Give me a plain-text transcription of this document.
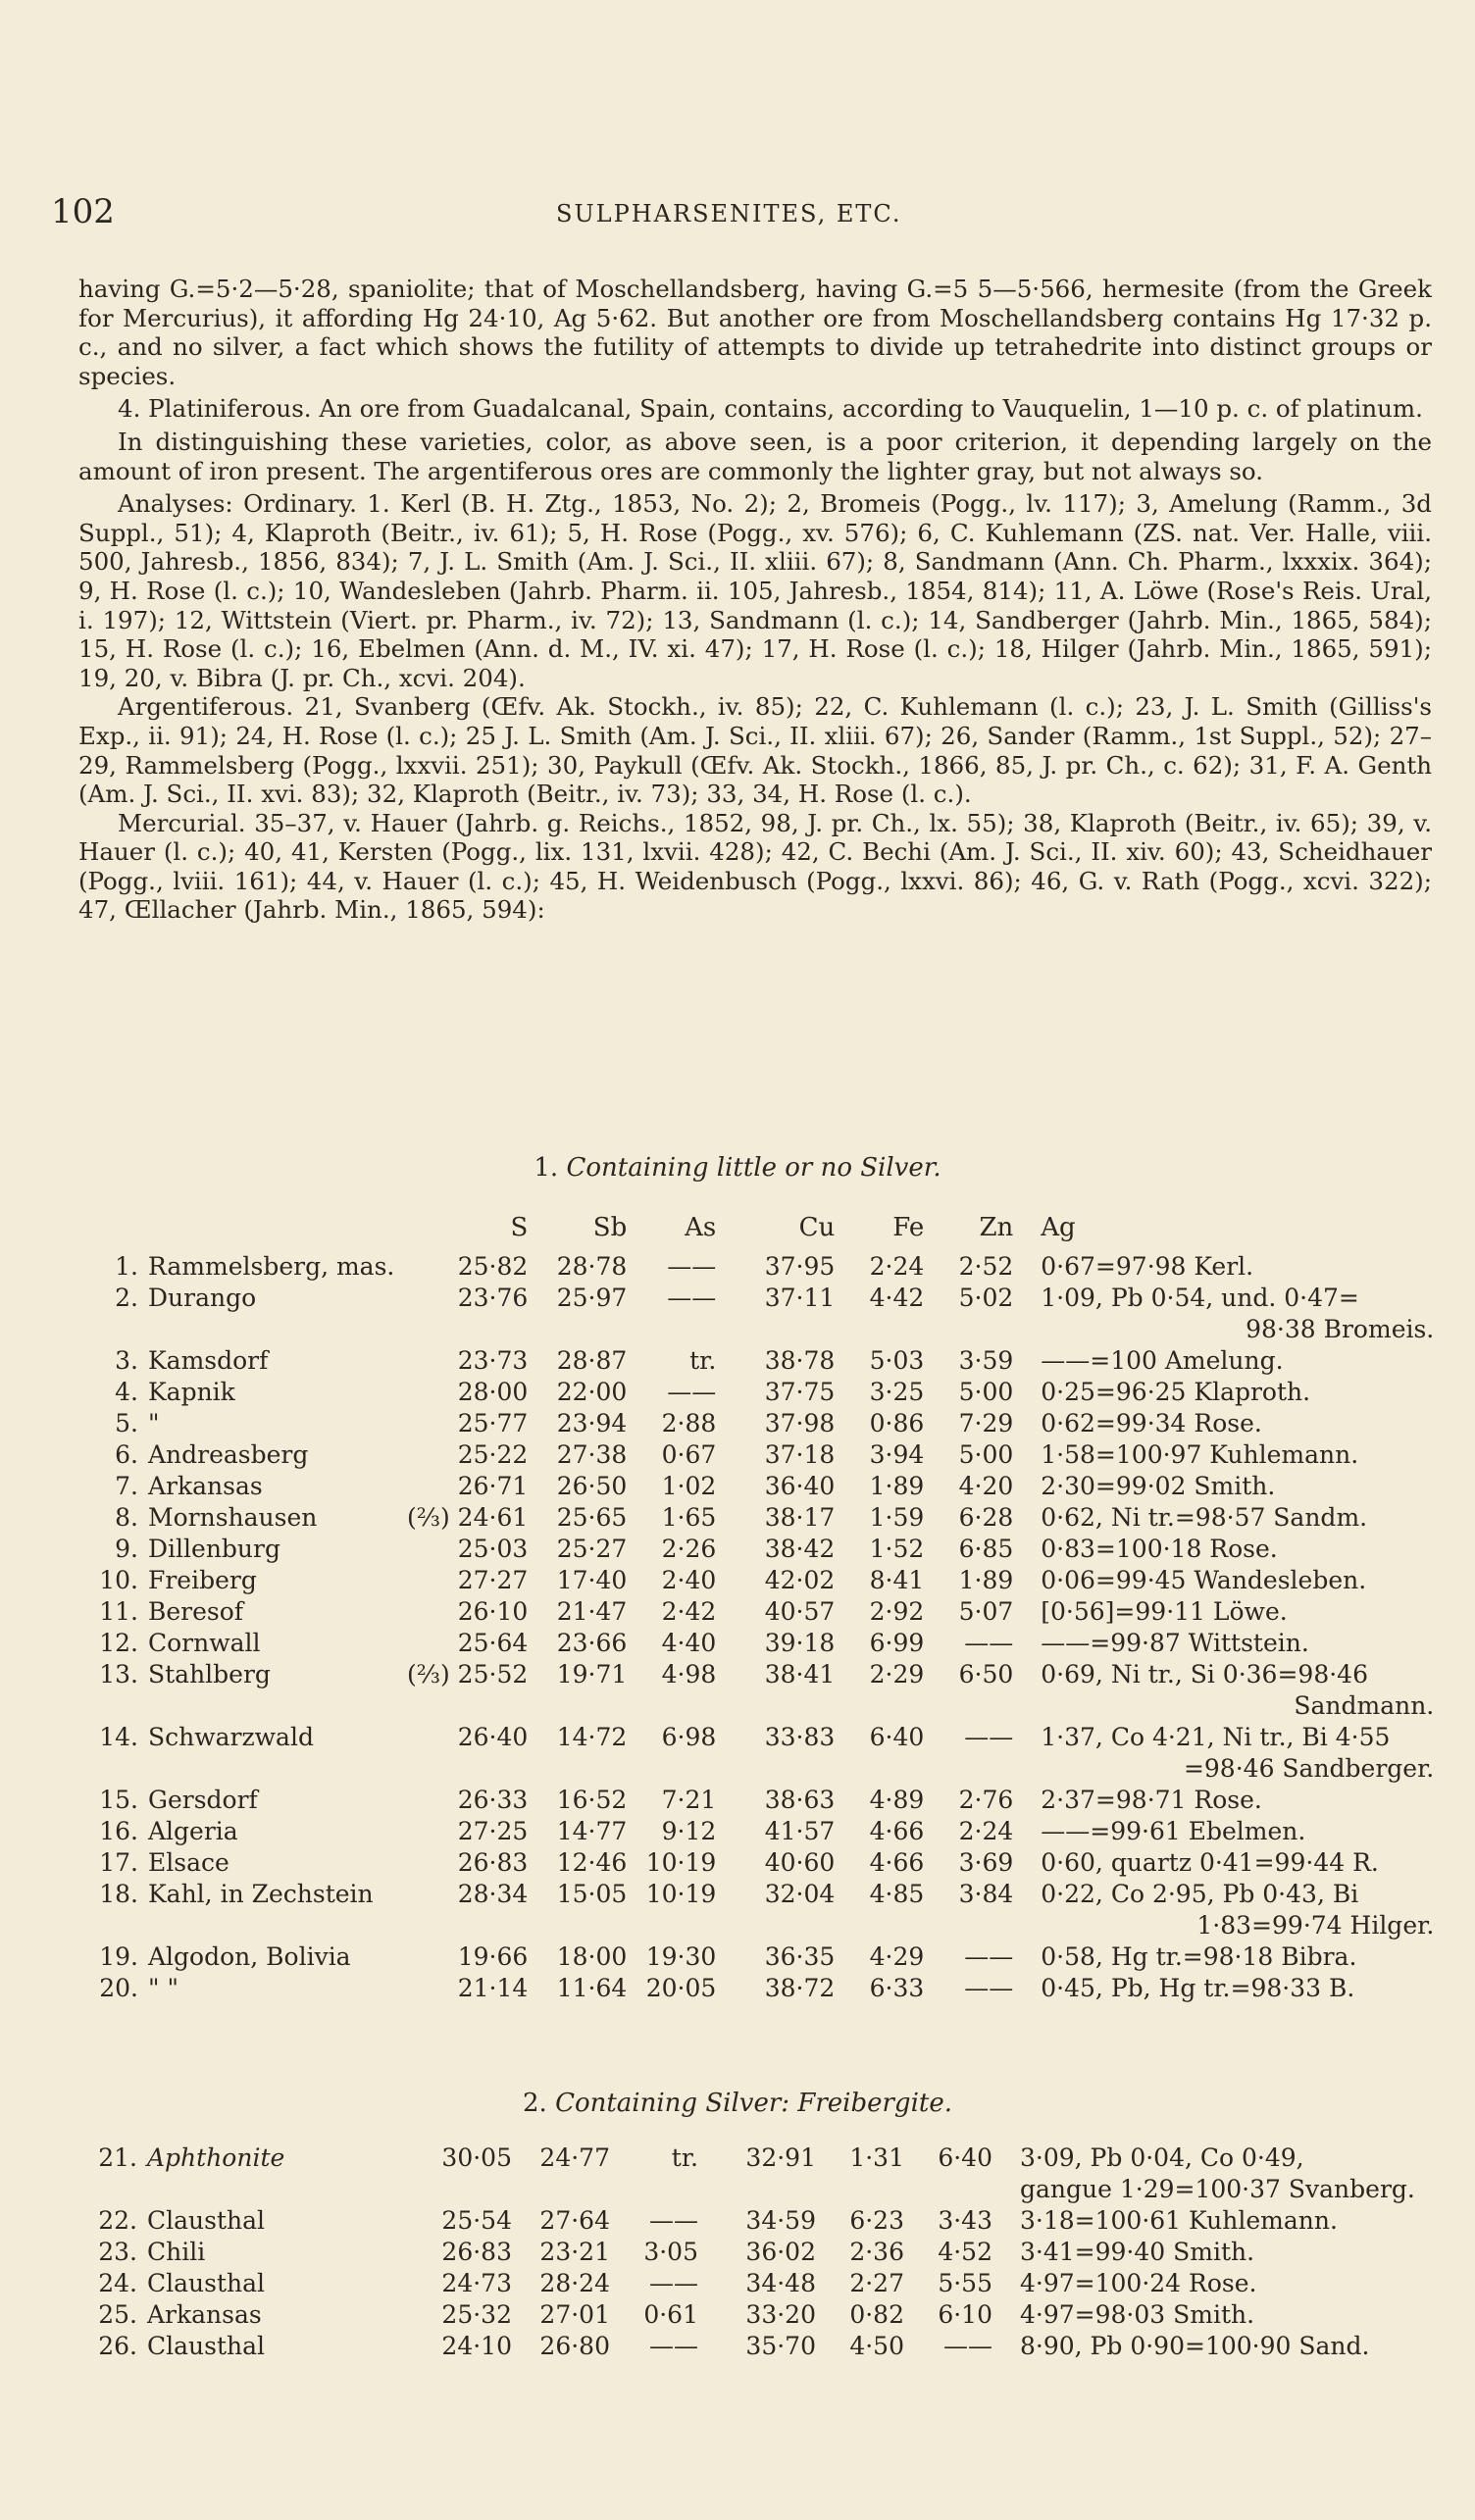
102	SULPHARSENITES, ETC.

having G.=5·2—5·28, spaniolite; that of Moschellandsberg, having G.=5 5—5·566, hermesite (from the Greek for Mercurius), it affording Hg 24·10, Ag 5·62. But another ore from Moschellandsberg contains Hg 17·32 p. c., and no silver, a fact which shows the futility of attempts to divide up tetrahedrite into distinct groups or species.

4. Platiniferous. An ore from Guadalcanal, Spain, contains, according to Vauquelin, 1—10 p. c. of platinum.

In distinguishing these varieties, color, as above seen, is a poor criterion, it depending largely on the amount of iron present. The argentiferous ores are commonly the lighter gray, but not always so.

Analyses: Ordinary. 1. Kerl (B. H. Ztg., 1853, No. 2); 2, Bromeis (Pogg., lv. 117); 3, Amelung (Ramm., 3d Suppl., 51); 4, Klaproth (Beitr., iv. 61); 5, H. Rose (Pogg., xv. 576); 6, C. Kuhlemann (ZS. nat. Ver. Halle, viii. 500, Jahresb., 1856, 834); 7, J. L. Smith (Am. J. Sci., II. xliii. 67); 8, Sandmann (Ann. Ch. Pharm., lxxxix. 364); 9, H. Rose (l. c.); 10, Wandesleben (Jahrb. Pharm. ii. 105, Jahresb., 1854, 814); 11, A. Löwe (Rose's Reis. Ural, i. 197); 12, Wittstein (Viert. pr. Pharm., iv. 72); 13, Sandmann (l. c.); 14, Sandberger (Jahrb. Min., 1865, 584); 15, H. Rose (l. c.); 16, Ebelmen (Ann. d. M., IV. xi. 47); 17, H. Rose (l. c.); 18, Hilger (Jahrb. Min., 1865, 591); 19, 20, v. Bibra (J. pr. Ch., xcvi. 204).

Argentiferous. 21, Svanberg (Œfv. Ak. Stockh., iv. 85); 22, C. Kuhlemann (l. c.); 23, J. L. Smith (Gilliss's Exp., ii. 91); 24, H. Rose (l. c.); 25 J. L. Smith (Am. J. Sci., II. xliii. 67); 26, Sander (Ramm., 1st Suppl., 52); 27–29, Rammelsberg (Pogg., lxxvii. 251); 30, Paykull (Œfv. Ak. Stockh., 1866, 85, J. pr. Ch., c. 62); 31, F. A. Genth (Am. J. Sci., II. xvi. 83); 32, Klaproth (Beitr., iv. 73); 33, 34, H. Rose (l. c.).

Mercurial. 35–37, v. Hauer (Jahrb. g. Reichs., 1852, 98, J. pr. Ch., lx. 55); 38, Klaproth (Beitr., iv. 65); 39, v. Hauer (l. c.); 40, 41, Kersten (Pogg., lix. 131, lxvii. 428); 42, C. Bechi (Am. J. Sci., II. xiv. 60); 43, Scheidhauer (Pogg., lviii. 161); 44, v. Hauer (l. c.); 45, H. Weidenbusch (Pogg., lxxvi. 86); 46, G. v. Rath (Pogg., xcvi. 322); 47, Œllacher (Jahrb. Min., 1865, 594):

1. Containing little or no Silver.
		S	Sb	As	Cu	Fe	Zn	Ag
1.	Rammelsberg, mas.	25·82	28·78	——	37·95	2·24	2·52	0·67=97·98 Kerl.
2.	Durango	23·76	25·97	——	37·11	4·42	5·02	1·09, Pb 0·54, und. 0·47=
								98·38 Bromeis.
3.	Kamsdorf	23·73	28·87	tr.	38·78	5·03	3·59	——=100 Amelung.
4.	Kapnik	28·00	22·00	——	37·75	3·25	5·00	0·25=96·25 Klaproth.
5.	"	25·77	23·94	2·88	37·98	0·86	7·29	0·62=99·34 Rose.
6.	Andreasberg	25·22	27·38	0·67	37·18	3·94	5·00	1·58=100·97 Kuhlemann.
7.	Arkansas	26·71	26·50	1·02	36·40	1·89	4·20	2·30=99·02 Smith.
8.	Mornshausen	(⅔) 24·61	25·65	1·65	38·17	1·59	6·28	0·62, Ni tr.=98·57 Sandm.
9.	Dillenburg	25·03	25·27	2·26	38·42	1·52	6·85	0·83=100·18 Rose.
10.	Freiberg	27·27	17·40	2·40	42·02	8·41	1·89	0·06=99·45 Wandesleben.
11.	Beresof	26·10	21·47	2·42	40·57	2·92	5·07	[0·56]=99·11 Löwe.
12.	Cornwall	25·64	23·66	4·40	39·18	6·99	——	——=99·87 Wittstein.
13.	Stahlberg	(⅔) 25·52	19·71	4·98	38·41	2·29	6·50	0·69, Ni tr., Si 0·36=98·46
								Sandmann.
14.	Schwarzwald	26·40	14·72	6·98	33·83	6·40	——	1·37, Co 4·21, Ni tr., Bi 4·55
								=98·46 Sandberger.
15.	Gersdorf	26·33	16·52	7·21	38·63	4·89	2·76	2·37=98·71 Rose.
16.	Algeria	27·25	14·77	9·12	41·57	4·66	2·24	——=99·61 Ebelmen.
17.	Elsace	26·83	12·46	10·19	40·60	4·66	3·69	0·60, quartz 0·41=99·44 R.
18.	Kahl, in Zechstein	28·34	15·05	10·19	32·04	4·85	3·84	0·22, Co 2·95, Pb 0·43, Bi
								1·83=99·74 Hilger.
19.	Algodon, Bolivia	19·66	18·00	19·30	36·35	4·29	——	0·58, Hg tr.=98·18 Bibra.
20.	" "	21·14	11·64	20·05	38·72	6·33	——	0·45, Pb, Hg tr.=98·33 B.
2. Containing Silver: Freibergite.
21.	Aphthonite	30·05	24·77	tr.	32·91	1·31	6·40	3·09, Pb 0·04, Co 0·49,
								gangue 1·29=100·37 Svanberg.
22.	Clausthal	25·54	27·64	——	34·59	6·23	3·43	3·18=100·61 Kuhlemann.
23.	Chili	26·83	23·21	3·05	36·02	2·36	4·52	3·41=99·40 Smith.
24.	Clausthal	24·73	28·24	——	34·48	2·27	5·55	4·97=100·24 Rose.
25.	Arkansas	25·32	27·01	0·61	33·20	0·82	6·10	4·97=98·03 Smith.
26.	Clausthal	24·10	26·80	——	35·70	4·50	——	8·90, Pb 0·90=100·90 Sand.
